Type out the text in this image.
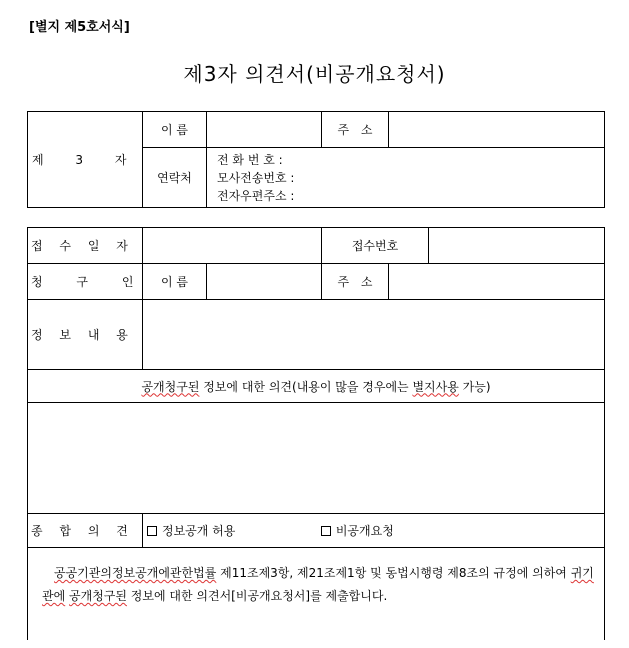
[별지 제5호서식]
제3자 의견서(비공개요청서)
제 3 자	이 름		주 소	
	연락처	전 화 번 호 :
모사전송번호 :
전자우편주소 :		
접 수 일 자			접수번호		
청 구 인	이 름		주 소		
정 보 내 용					
공개청구된 정보에 대한 의견(내용이 많을 경우에는 별지사용 가능)					

종 합 의 견	정보공개 허용 비공개요청				

공공기관의정보공개에관한법률 제11조제3항, 제21조제1항 및 동법시행령 제8조의 규정에 의하여 귀기관에 공개청구된 정보에 대한 의견서[비공개요청서]를 제출합니다.					
